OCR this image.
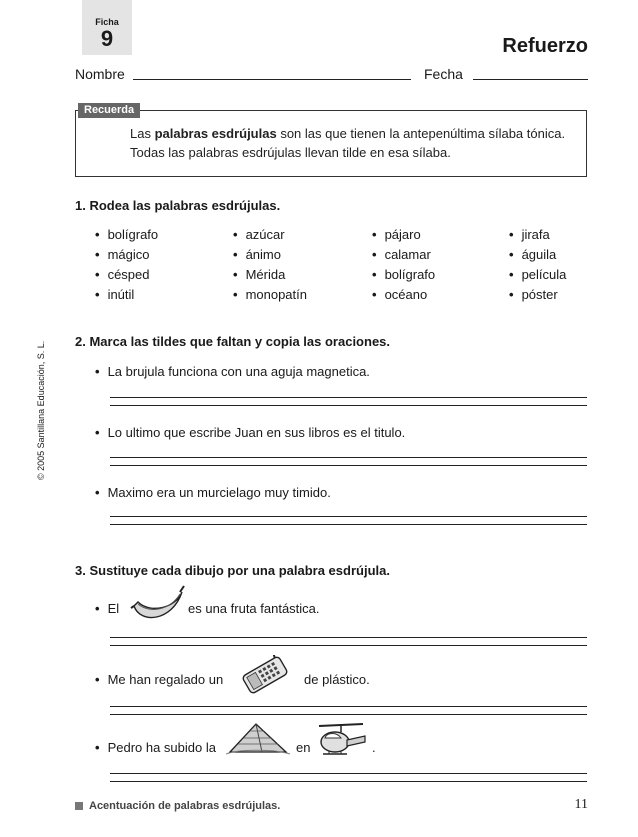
Ficha
9	Refuerzo
Nombre	Fecha
Recuerda
Las palabras esdrújulas son las que tienen la antepenúltima sílaba tónica.
Todas las palabras esdrújulas llevan tilde en esa sílaba.
1. Rodea las palabras esdrújulas.
• bolígrafo
• mágico
• césped
• inútil
• azúcar
• ánimo
• Mérida
• monopatín
• pájaro
• calamar
• bolígrafo
• océano
• jirafa
• águila
• película
• póster
2. Marca las tildes que faltan y copia las oraciones.
• La brujula funciona con una aguja magnetica.
• Lo ultimo que escribe Juan en sus libros es el titulo.
• Maximo era un murcielago muy timido.
3. Sustituye cada dibujo por una palabra esdrújula.
• El	es una fruta fantástica.
• Me han regalado un	de plástico.
• Pedro ha subido la	en	.
© 2005 Santillana Educación, S. L.
Acentuación de palabras esdrújulas.	11
